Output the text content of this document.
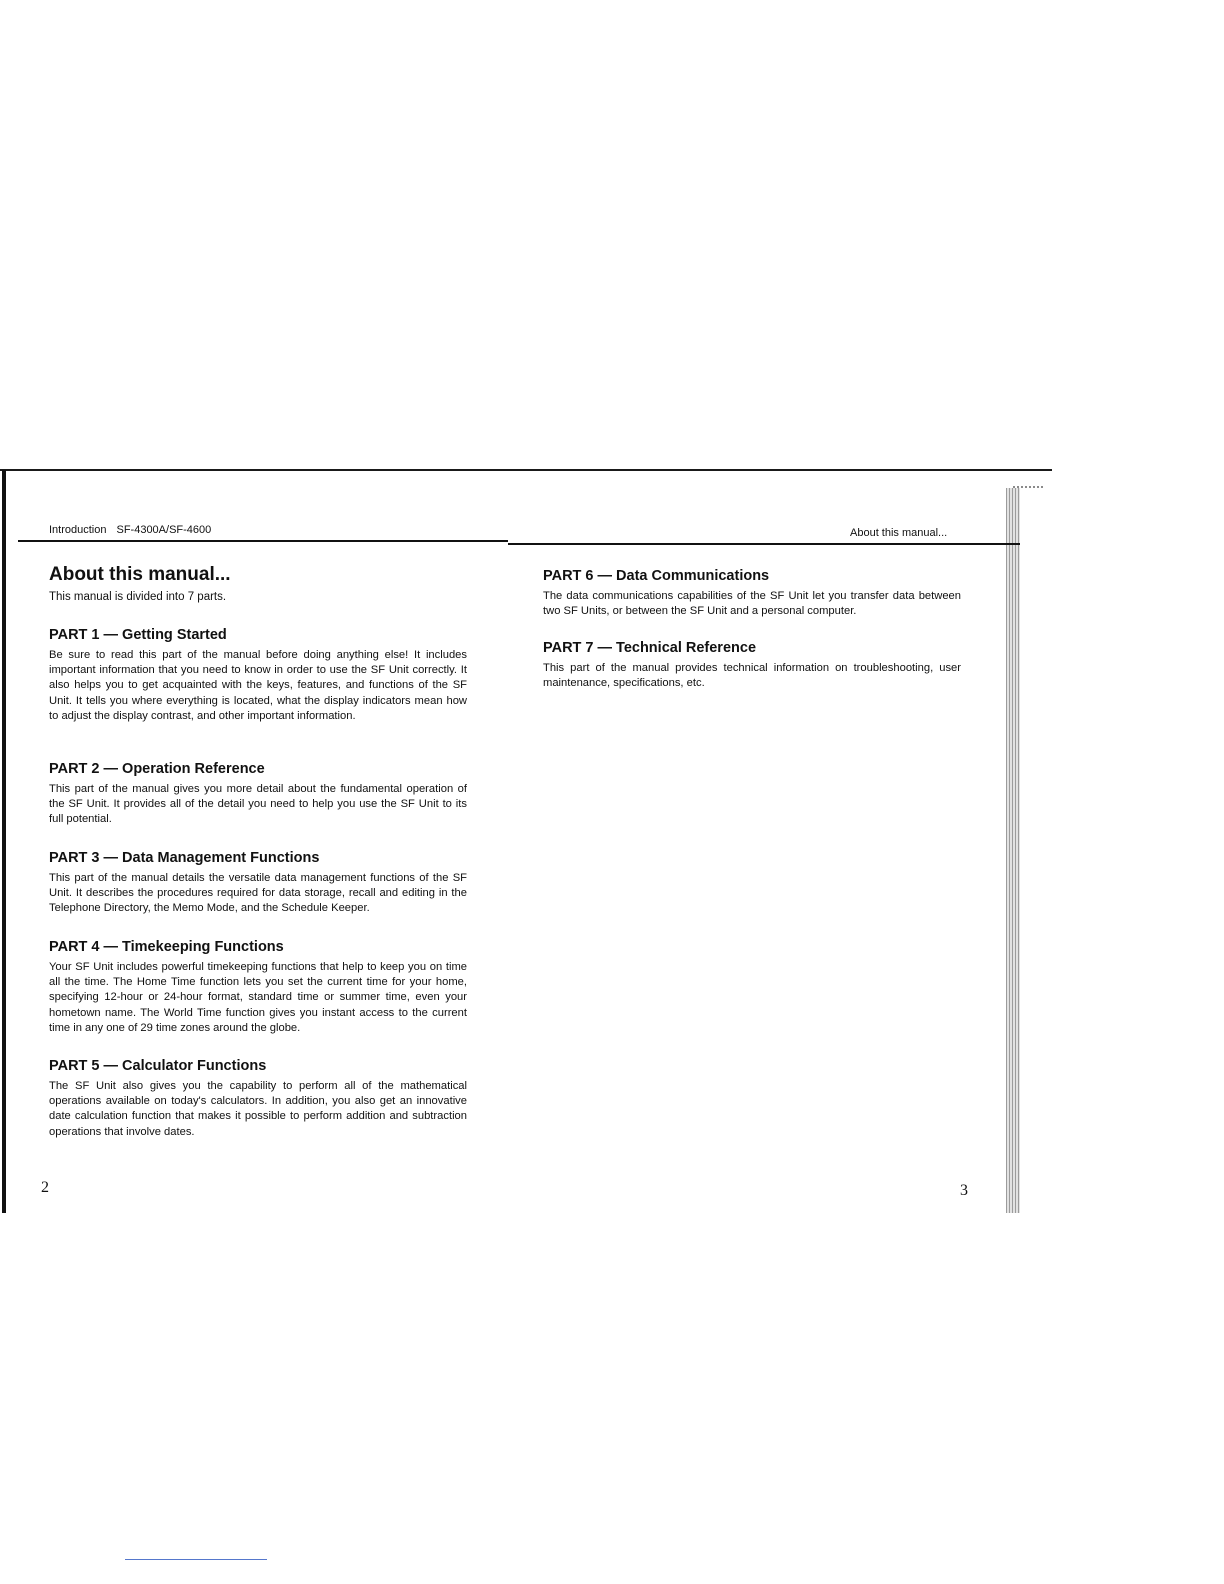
Introduction SF-4300A/SF-4600
About this manual...

This manual is divided into 7 parts.

PART 1 — Getting Started

Be sure to read this part of the manual before doing anything else! It includes important information that you need to know in order to use the SF Unit correctly. It also helps you to get acquainted with the keys, features, and functions of the SF Unit. It tells you where everything is located, what the display indicators mean how to adjust the display contrast, and other important information.

PART 2 — Operation Reference

This part of the manual gives you more detail about the fundamental operation of the SF Unit. It provides all of the detail you need to help you use the SF Unit to its full potential.

PART 3 — Data Management Functions

This part of the manual details the versatile data management functions of the SF Unit. It describes the procedures required for data storage, recall and editing in the Telephone Directory, the Memo Mode, and the Schedule Keeper.

PART 4 — Timekeeping Functions

Your SF Unit includes powerful timekeeping functions that help to keep you on time all the time. The Home Time function lets you set the current time for your home, specifying 12-hour or 24-hour format, standard time or summer time, even your hometown name. The World Time function gives you instant access to the current time in any one of 29 time zones around the globe.

PART 5 — Calculator Functions

The SF Unit also gives you the capability to perform all of the mathematical operations available on today's calculators. In addition, you also get an innovative date calculation function that makes it possible to perform addition and subtraction operations that involve dates.

2
About this manual...
PART 6 — Data Communications

The data communications capabilities of the SF Unit let you transfer data between two SF Units, or between the SF Unit and a personal computer.

PART 7 — Technical Reference

This part of the manual provides technical information on troubleshooting, user maintenance, specifications, etc.

3
